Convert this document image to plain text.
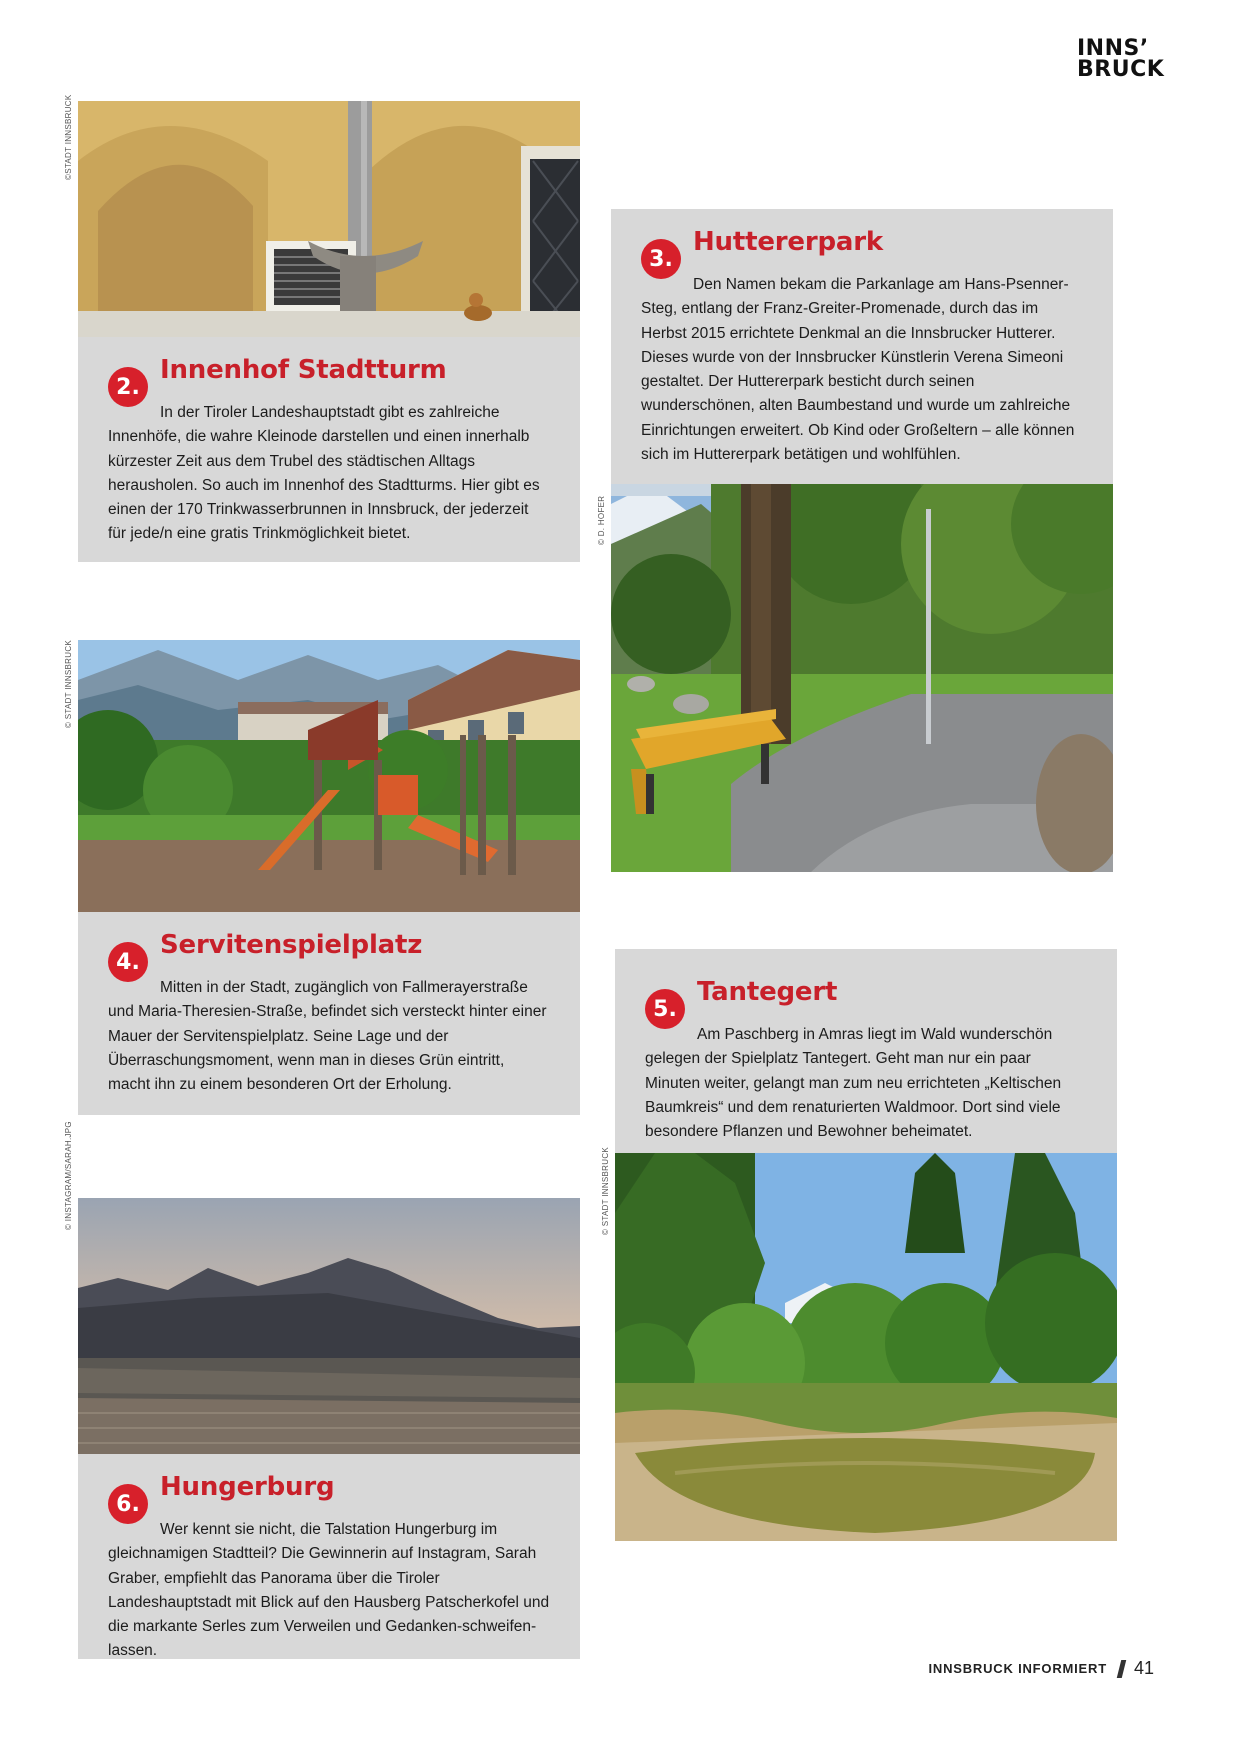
INNS’
BRUCK
©STADT INNSBRUCK
2.
Innenhof Stadtturm
In der Tiroler Landeshauptstadt gibt es zahlreiche Innenhöfe, die wahre Kleinode darstellen und einen innerhalb kürzester Zeit aus dem Trubel des städtischen Alltags herausholen. So auch im Innenhof des Stadtturms. Hier gibt es einen der 170 Trinkwasserbrunnen in Innsbruck, der jederzeit für jede/n eine gratis Trinkmöglichkeit bietet.
3.
Huttererpark
Den Namen bekam die Parkanlage am Hans-Psenner-Steg, entlang der Franz-Greiter-Promenade, durch das im Herbst 2015 errichtete Denkmal an die Innsbrucker Hutterer. Dieses wurde von der Innsbrucker Künstlerin Verena Simeoni gestaltet. Der Huttererpark besticht durch seinen wunderschönen, alten Baumbestand und wurde um zahlreiche Einrichtungen erweitert. Ob Kind oder Großeltern – alle können sich im Huttererpark betätigen und wohlfühlen.
© D. HOFER
© STADT INNSBRUCK
4.
Servitenspielplatz
Mitten in der Stadt, zugänglich von Fallmerayerstraße und Maria-Theresien-Straße, befindet sich versteckt hinter einer Mauer der Servitenspielplatz. Seine Lage und der Überraschungsmoment, wenn man in dieses Grün eintritt, macht ihn zu einem besonderen Ort der Erholung.
5.
Tantegert
Am Paschberg in Amras liegt im Wald wunderschön gelegen der Spielplatz Tantegert. Geht man nur ein paar Minuten weiter, gelangt man zum neu errichteten „Keltischen Baumkreis“ und dem renaturierten Waldmoor. Dort sind viele besondere Pflanzen und Bewohner beheimatet.
© STADT INNSBRUCK
© INSTAGRAM/SARAH.JPG
6.
Hungerburg
Wer kennt sie nicht, die Talstation Hungerburg im gleichnamigen Stadtteil? Die Gewinnerin auf Instagram, Sarah Graber, empfiehlt das Panorama über die Tiroler Landeshauptstadt mit Blick auf den Hausberg Patscherkofel und die markante Serles zum Verweilen und Gedanken-schweifen-lassen.
INNSBRUCK INFORMIERT 41
